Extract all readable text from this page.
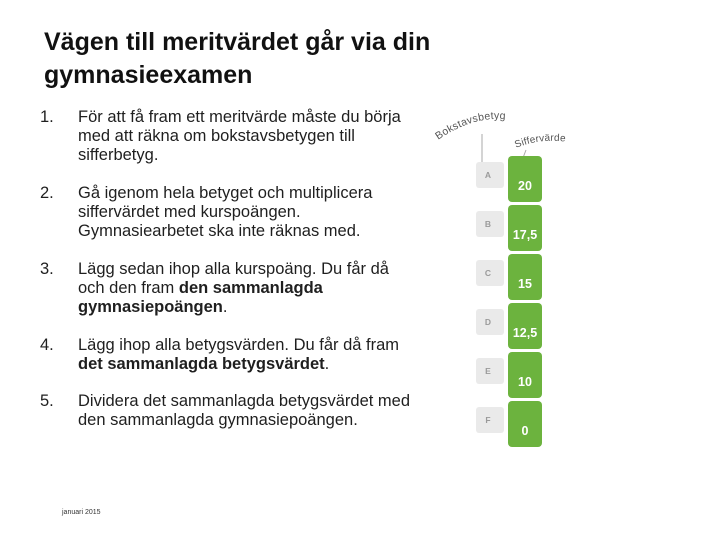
Vägen till meritvärdet går via din
gymnasieexamen
1.	För att få fram ett meritvärde måste du börja med att räkna om bokstavsbetygen till sifferbetyg.
2.	Gå igenom hela betyget och multiplicera siffervärdet med kurspoängen. Gymnasiearbetet ska inte räknas med.
3.	Lägg sedan ihop alla kurspoäng. Du får då och den fram den sammanlagda gymnasiepoängen.
4.	Lägg ihop alla betygsvärden. Du får då fram det sammanlagda betygsvärdet.
5.	Dividera det sammanlagda betygsvärdet med den sammanlagda gymnasiepoängen.
januari 2015
Bokstavsbetyg
Siffervärde
A
20
B
17,5
C
15
D
12,5
E
10
F
0
